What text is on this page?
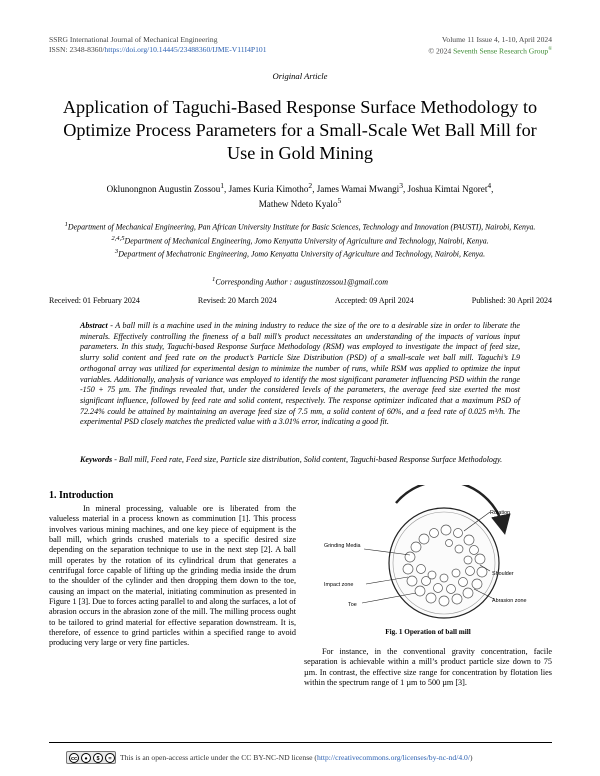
SSRG International Journal of Mechanical Engineering
ISSN: 2348-8360/https://doi.org/10.14445/23488360/IJME-V11I4P101
Volume 11 Issue 4, 1-10, April 2024
© 2024 Seventh Sense Research Group®
Original Article
Application of Taguchi-Based Response Surface Methodology to Optimize Process Parameters for a Small-Scale Wet Ball Mill for Use in Gold Mining
Oklunongnon Augustin Zossou$^1$, James Kuria Kimotho$^2$, James Wamai Mwangi$^3$, Joshua Kimtai Ngoret$^4$,
Mathew Ndeto Kyalo$^5$
$^1$Department of Mechanical Engineering, Pan African University Institute for Basic Sciences, Technology and Innovation (PAUSTI), Nairobi, Kenya.
$^{2,4,5}$Department of Mechanical Engineering, Jomo Kenyatta University of Agriculture and Technology, Nairobi, Kenya.
$^3$Department of Mechatronic Engineering, Jomo Kenyatta University of Agriculture and Technology, Nairobi, Kenya.
$^1$Corresponding Author : augustinzossou1@gmail.com
Received: 01 February 2024	Revised: 20 March 2024	Accepted: 09 April 2024	Published: 30 April 2024
Abstract - A ball mill is a machine used in the mining industry to reduce the size of the ore to a desirable size in order to liberate the minerals. Effectively controlling the fineness of a ball mill’s product necessitates an understanding of the impacts of various input parameters. In this study, Taguchi-based Response Surface Methodology (RSM) was employed to investigate the impact of feed size, slurry solid content and feed rate on the product’s Particle Size Distribution (PSD) of a small-scale wet ball mill. Taguchi’s L9 orthogonal array was utilized for experimental design to minimize the number of runs, while RSM was applied to optimize the input variables. Additionally, analysis of variance was employed to identify the most significant parameter influencing PSD within the range -150 + 75 µm. The findings revealed that, under the considered levels of the parameters, the average feed size exerted the most significant influence, followed by feed rate and solid content, respectively. The response optimizer indicated that a maximum PSD of 72.24% could be attained by maintaining an average feed size of 7.5 mm, a solid content of 60%, and a feed rate of 0.025 m³/h. The experimental PSD closely matches the predicted value with a 3.01% error, indicating a good fit.
Keywords - Ball mill, Feed rate, Feed size, Particle size distribution, Solid content, Taguchi-based Response Surface Methodology.
1. Introduction

In mineral processing, valuable ore is liberated from the valueless material in a process known as comminution [1]. This process involves various mining machines, and one key piece of equipment is the ball mill, which grinds crushed materials to a specific desired size depending on the separation technique to use in the next step [2]. A ball mill operates by the rotation of its cylindrical drum that generates a centrifugal force capable of lifting up the grinding media inside the drum to the shoulder of the cylinder and then dropping them down to the toe, causing an impact on the material, initiating comminution as presented in Figure 1 [3]. Due to forces acting parallel to and along the surfaces, a lot of abrasion occurs in the abrasion zone of the mill. The milling process ought to be tailored to grind material for effective separation downstream. It is, therefore, of essence to grind particles within a specified range to avoid producing very large or very fine particles.

Rotation
Grinding Media
Impact zone
Toe
Shoulder
Abrasion zone
Fig. 1 Operation of ball mill

For instance, in the conventional gravity concentration, facile separation is achievable within a mill’s product particle size down to 75 µm. In contrast, the effective size range for concentration by flotation lies within the spectrum range of 1 µm to 500 µm [3].

cc	●	$	=	This is an open-access article under the CC BY-NC-ND license (http://creativecommons.org/licenses/by-nc-nd/4.0/)
